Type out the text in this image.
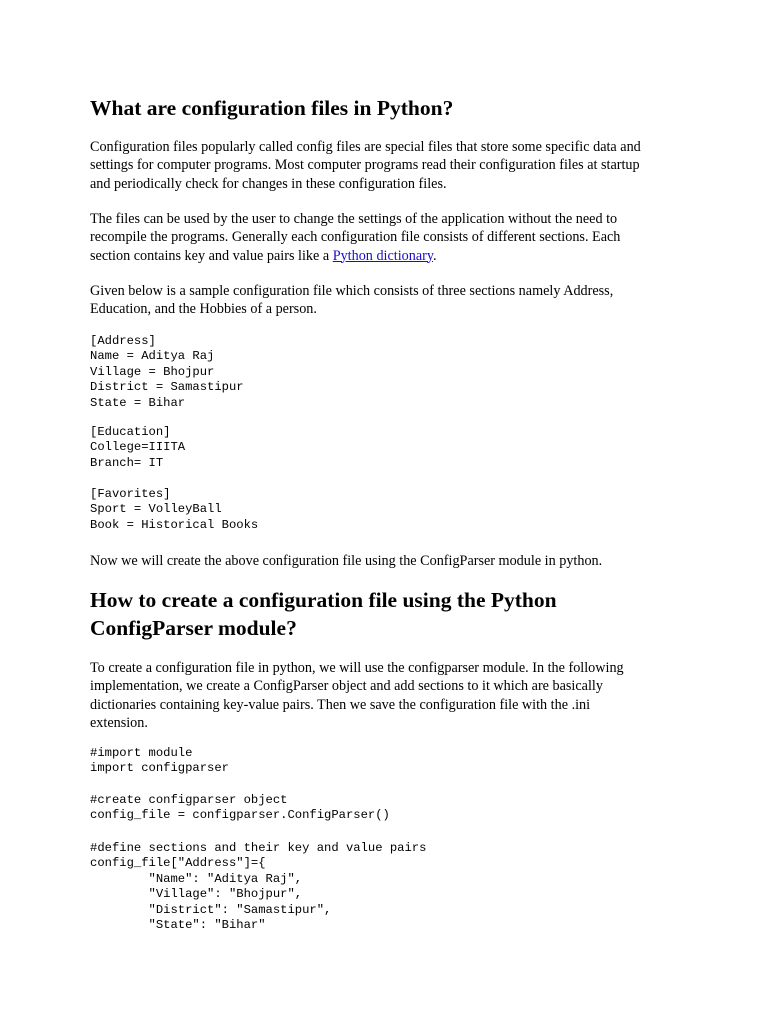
What are configuration files in Python?

Configuration files popularly called config files are special files that store some specific data and
settings for computer programs. Most computer programs read their configuration files at startup
and periodically check for changes in these configuration files.

The files can be used by the user to change the settings of the application without the need to
recompile the programs. Generally each configuration file consists of different sections. Each
section contains key and value pairs like a Python dictionary.

Given below is a sample configuration file which consists of three sections namely Address,
Education, and the Hobbies of a person.

[Address]
Name = Aditya Raj
Village = Bhojpur
District = Samastipur
State = Bihar
[Education]
College=IIITA
Branch= IT
[Favorites]
Sport = VolleyBall
Book = Historical Books

Now we will create the above configuration file using the ConfigParser module in python.

How to create a configuration file using the Python
ConfigParser module?

To create a configuration file in python, we will use the configparser module. In the following
implementation, we create a ConfigParser object and add sections to it which are basically
dictionaries containing key-value pairs. Then we save the configuration file with the .ini
extension.

#import module
import configparser
#create configparser object
config_file = configparser.ConfigParser()
#define sections and their key and value pairs
config_file["Address"]={
"Name": "Aditya Raj",
"Village": "Bhojpur",
"District": "Samastipur",
"State": "Bihar"
